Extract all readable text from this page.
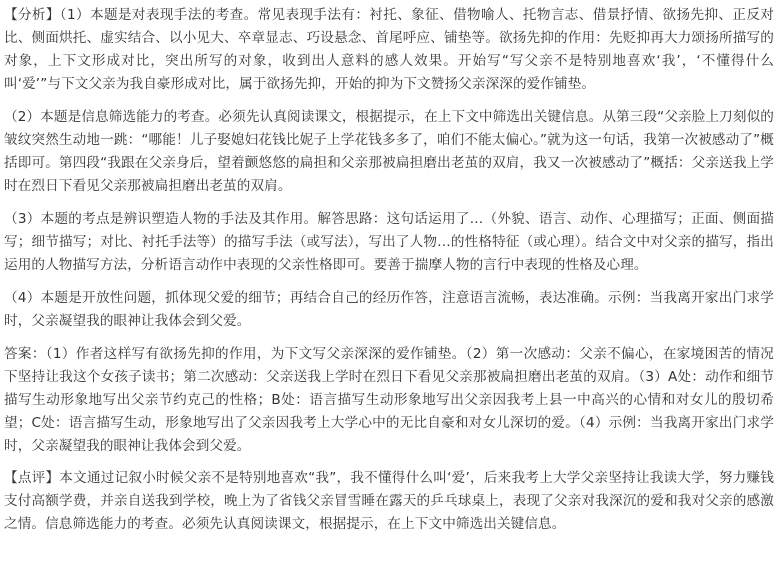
【分析】（1）本题是对表现手法的考查。常见表现手法有：衬托、象征、借物喻人、托物言志、借景抒情、欲扬先抑、正反对比、侧面烘托、虚实结合、以小见大、卒章显志、巧设悬念、首尾呼应、铺垫等。欲扬先抑的作用：先贬抑再大力颂扬所描写的对象，上下文形成对比，突出所写的对象，收到出人意料的感人效果。开始写“写父亲不是特别地喜欢‘我’，‘不懂得什么叫‘爱’”与下文父亲为我自豪形成对比，属于欲扬先抑，开始的抑为下文赞扬父亲深深的爱作铺垫。

（2）本题是信息筛选能力的考查。必须先认真阅读课文，根据提示，在上下文中筛选出关键信息。从第三段“父亲脸上刀刻似的皱纹突然生动地一跳：“哪能！儿子娶媳妇花钱比妮子上学花钱多多了，咱们不能太偏心。”就为这一句话，我第一次被感动了”概括即可。第四段“我跟在父亲身后，望着颤悠悠的扁担和父亲那被扁担磨出老茧的双肩，我又一次被感动了”概括：父亲送我上学时在烈日下看见父亲那被扁担磨出老茧的双肩。

（3）本题的考点是辨识塑造人物的手法及其作用。解答思路：这句话运用了…（外貌、语言、动作、心理描写；正面、侧面描写；细节描写；对比、衬托手法等）的描写手法（或写法），写出了人物…的性格特征（或心理）。结合文中对父亲的描写，指出运用的人物描写方法，分析语言动作中表现的父亲性格即可。要善于揣摩人物的言行中表现的性格及心理。

（4）本题是开放性问题，抓体现父爱的细节；再结合自己的经历作答，注意语言流畅，表达准确。示例：当我离开家出门求学时，父亲凝望我的眼神让我体会到父爱。

答案：（1）作者这样写有欲扬先抑的作用，为下文写父亲深深的爱作铺垫。（2）第一次感动：父亲不偏心，在家境困苦的情况下坚持让我这个女孩子读书；第二次感动：父亲送我上学时在烈日下看见父亲那被扁担磨出老茧的双肩。（3）A处：动作和细节描写生动形象地写出父亲节约克己的性格；B处：语言描写生动形象地写出父亲因我考上县一中高兴的心情和对女儿的殷切希望；C处：语言描写生动，形象地写出了父亲因我考上大学心中的无比自豪和对女儿深切的爱。（4）示例：当我离开家出门求学时，父亲凝望我的眼神让我体会到父爱。

【点评】本文通过记叙小时候父亲不是特别地喜欢“我”，我不懂得什么叫‘爱’，后来我考上大学父亲坚持让我读大学，努力赚钱支付高额学费，并亲自送我到学校，晚上为了省钱父亲冒雪睡在露天的乒乓球桌上，表现了父亲对我深沉的爱和我对父亲的感激之情。信息筛选能力的考查。必须先认真阅读课文，根据提示，在上下文中筛选出关键信息。
